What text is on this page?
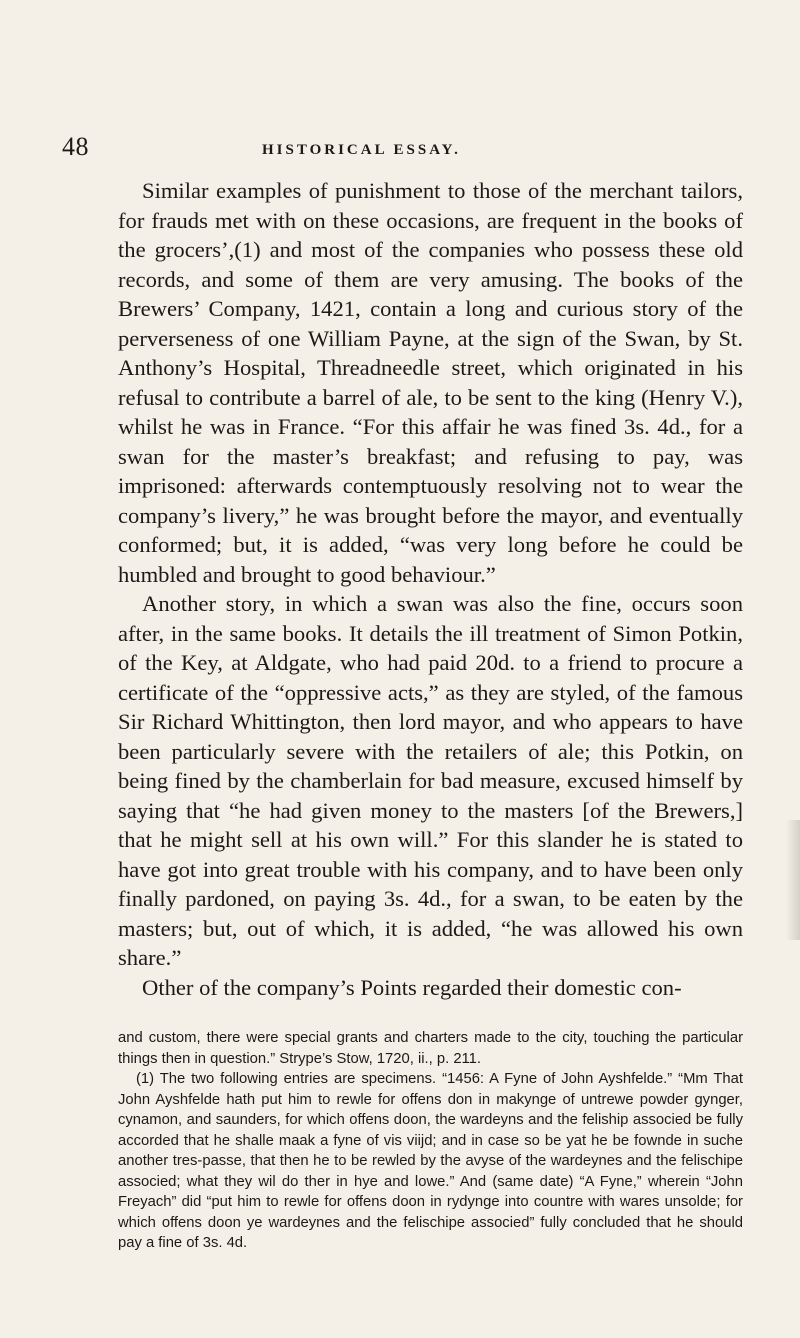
48	HISTORICAL ESSAY.

Similar examples of punishment to those of the merchant tailors, for frauds met with on these occasions, are frequent in the books of the grocers’,(1) and most of the companies who possess these old records, and some of them are very amusing. The books of the Brewers’ Company, 1421, contain a long and curious story of the perverseness of one William Payne, at the sign of the Swan, by St. Anthony’s Hospital, Threadneedle street, which originated in his refusal to contribute a barrel of ale, to be sent to the king (Henry V.), whilst he was in France. “For this affair he was fined 3s. 4d., for a swan for the master’s breakfast; and refusing to pay, was imprisoned: afterwards contemptuously resolving not to wear the company’s livery,” he was brought before the mayor, and eventually conformed; but, it is added, “was very long before he could be humbled and brought to good behaviour.”

Another story, in which a swan was also the fine, occurs soon after, in the same books. It details the ill treatment of Simon Potkin, of the Key, at Aldgate, who had paid 20d. to a friend to procure a certificate of the “oppressive acts,” as they are styled, of the famous Sir Richard Whittington, then lord mayor, and who appears to have been particularly severe with the retailers of ale; this Potkin, on being fined by the chamberlain for bad measure, excused himself by saying that “he had given money to the masters [of the Brewers,] that he might sell at his own will.” For this slander he is stated to have got into great trouble with his company, and to have been only finally pardoned, on paying 3s. 4d., for a swan, to be eaten by the masters; but, out of which, it is added, “he was allowed his own share.”

Other of the company’s Points regarded their domestic con-

and custom, there were special grants and charters made to the city, touching the particular things then in question.” Strype’s Stow, 1720, ii., p. 211.

(1) The two following entries are specimens. “1456: A Fyne of John Ayshfelde.” “Mm That John Ayshfelde hath put him to rewle for offens don in makynge of untrewe powder gynger, cynamon, and saunders, for which offens doon, the wardeyns and the feliship associed be fully accorded that he shalle maak a fyne of vis viijd; and in case so be yat he be fownde in suche another tres-passe, that then he to be rewled by the avyse of the wardeynes and the felischipe associed; what they wil do ther in hye and lowe.” And (same date) “A Fyne,” wherein “John Freyach” did “put him to rewle for offens doon in rydynge into countre with wares unsolde; for which offens doon ye wardeynes and the felischipe associed” fully concluded that he should pay a fine of 3s. 4d.
